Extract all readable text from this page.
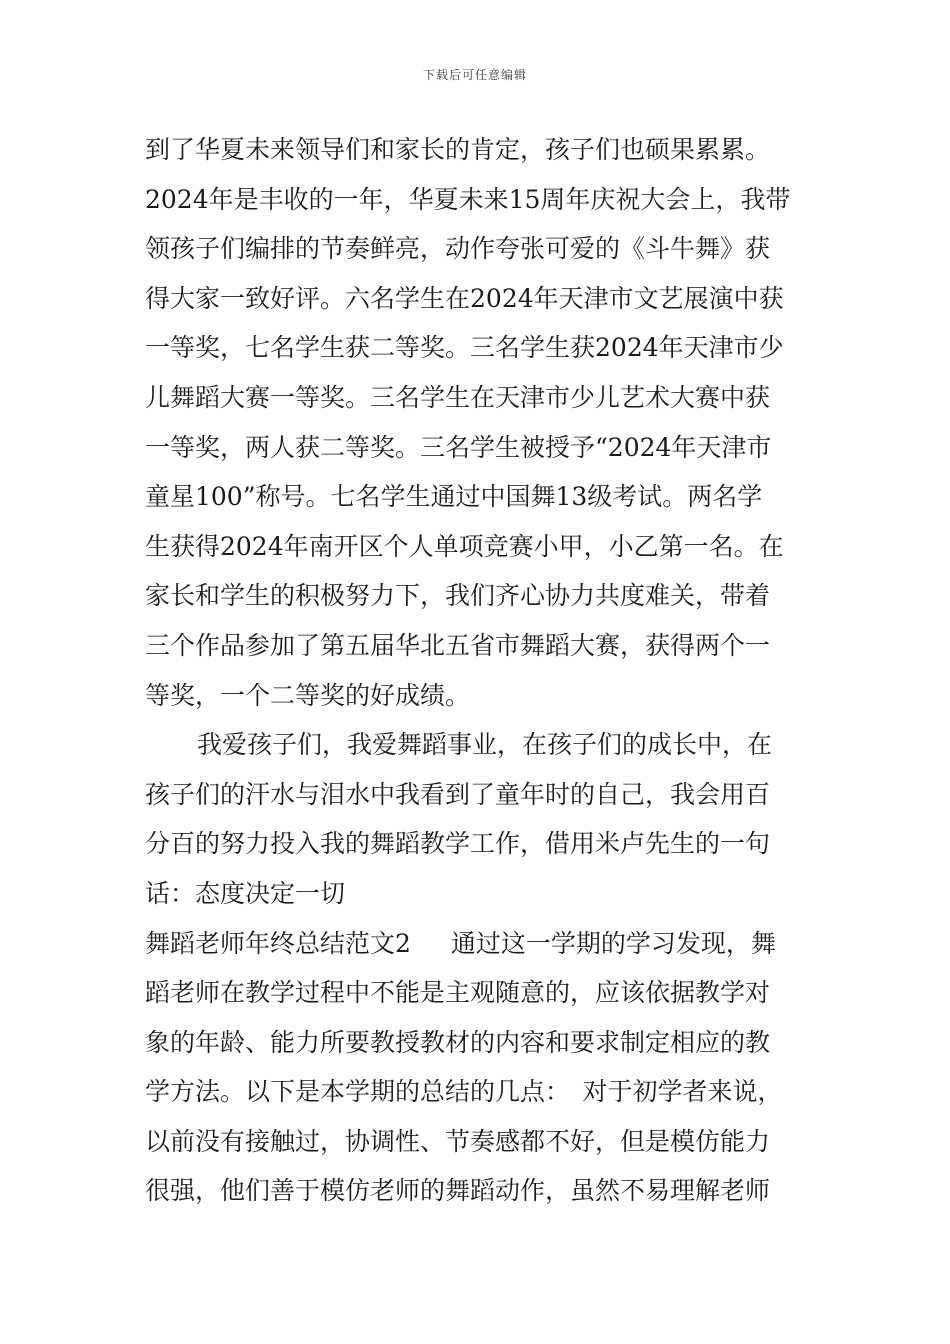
下载后可任意编辑
到了华夏未来领导们和家长的肯定，孩子们也硕果累累。
2024年是丰收的一年，华夏未来15周年庆祝大会上，我带
领孩子们编排的节奏鲜亮，动作夸张可爱的《斗牛舞》获
得大家一致好评。六名学生在2024年天津市文艺展演中获
一等奖，七名学生获二等奖。三名学生获2024年天津市少
儿舞蹈大赛一等奖。三名学生在天津市少儿艺术大赛中获
一等奖，两人获二等奖。三名学生被授予“2024年天津市
童星100”称号。七名学生通过中国舞13级考试。两名学
生获得2024年南开区个人单项竞赛小甲，小乙第一名。在
家长和学生的积极努力下，我们齐心协力共度难关，带着
三个作品参加了第五届华北五省市舞蹈大赛，获得两个一
等奖，一个二等奖的好成绩。
我爱孩子们，我爱舞蹈事业，在孩子们的成长中，在
孩子们的汗水与泪水中我看到了童年时的自己，我会用百
分百的努力投入我的舞蹈教学工作，借用米卢先生的一句
话：态度决定一切
舞蹈老师年终总结范文2 通过这一学期的学习发现，舞
蹈老师在教学过程中不能是主观随意的，应该依据教学对
象的年龄、能力所要教授教材的内容和要求制定相应的教
学方法。以下是本学期的总结的几点：　对于初学者来说，
以前没有接触过，协调性、节奏感都不好，但是模仿能力
很强，他们善于模仿老师的舞蹈动作，虽然不易理解老师
